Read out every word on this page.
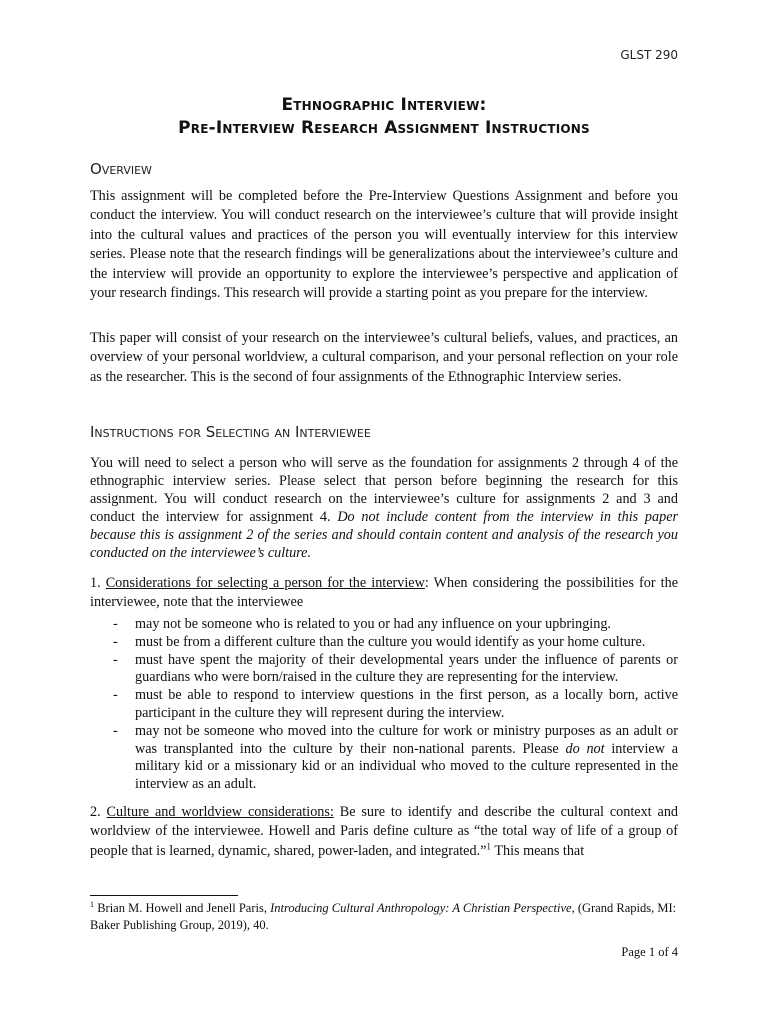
GLST 290
Ethnographic Interview:
Pre-Interview Research Assignment Instructions
Overview

This assignment will be completed before the Pre-Interview Questions Assignment and before you conduct the interview. You will conduct research on the interviewee’s culture that will provide insight into the cultural values and practices of the person you will eventually interview for this interview series. Please note that the research findings will be generalizations about the interviewee’s culture and the interview will provide an opportunity to explore the interviewee’s perspective and application of your research findings. This research will provide a starting point as you prepare for the interview.

This paper will consist of your research on the interviewee’s cultural beliefs, values, and practices, an overview of your personal worldview, a cultural comparison, and your personal reflection on your role as the researcher. This is the second of four assignments of the Ethnographic Interview series.

Instructions for Selecting an Interviewee

You will need to select a person who will serve as the foundation for assignments 2 through 4 of the ethnographic interview series. Please select that person before beginning the research for this assignment. You will conduct research on the interviewee’s culture for assignments 2 and 3 and conduct the interview for assignment 4. Do not include content from the interview in this paper because this is assignment 2 of the series and should contain content and analysis of the research you conducted on the interviewee’s culture.

1. Considerations for selecting a person for the interview: When considering the possibilities for the interviewee, note that the interviewee

- may not be someone who is related to you or had any influence on your upbringing.
- must be from a different culture than the culture you would identify as your home culture.
- must have spent the majority of their developmental years under the influence of parents or guardians who were born/raised in the culture they are representing for the interview.
- must be able to respond to interview questions in the first person, as a locally born, active participant in the culture they will represent during the interview.
- may not be someone who moved into the culture for work or ministry purposes as an adult or was transplanted into the culture by their non-national parents. Please do not interview a military kid or a missionary kid or an individual who moved to the culture represented in the interview as an adult.

2. Culture and worldview considerations: Be sure to identify and describe the cultural context and worldview of the interviewee. Howell and Paris define culture as “the total way of life of a group of people that is learned, dynamic, shared, power-laden, and integrated.”$^1$ This means that

$^1$ Brian M. Howell and Jenell Paris, Introducing Cultural Anthropology: A Christian Perspective, (Grand Rapids, MI: Baker Publishing Group, 2019), 40.
Page 1 of 4
